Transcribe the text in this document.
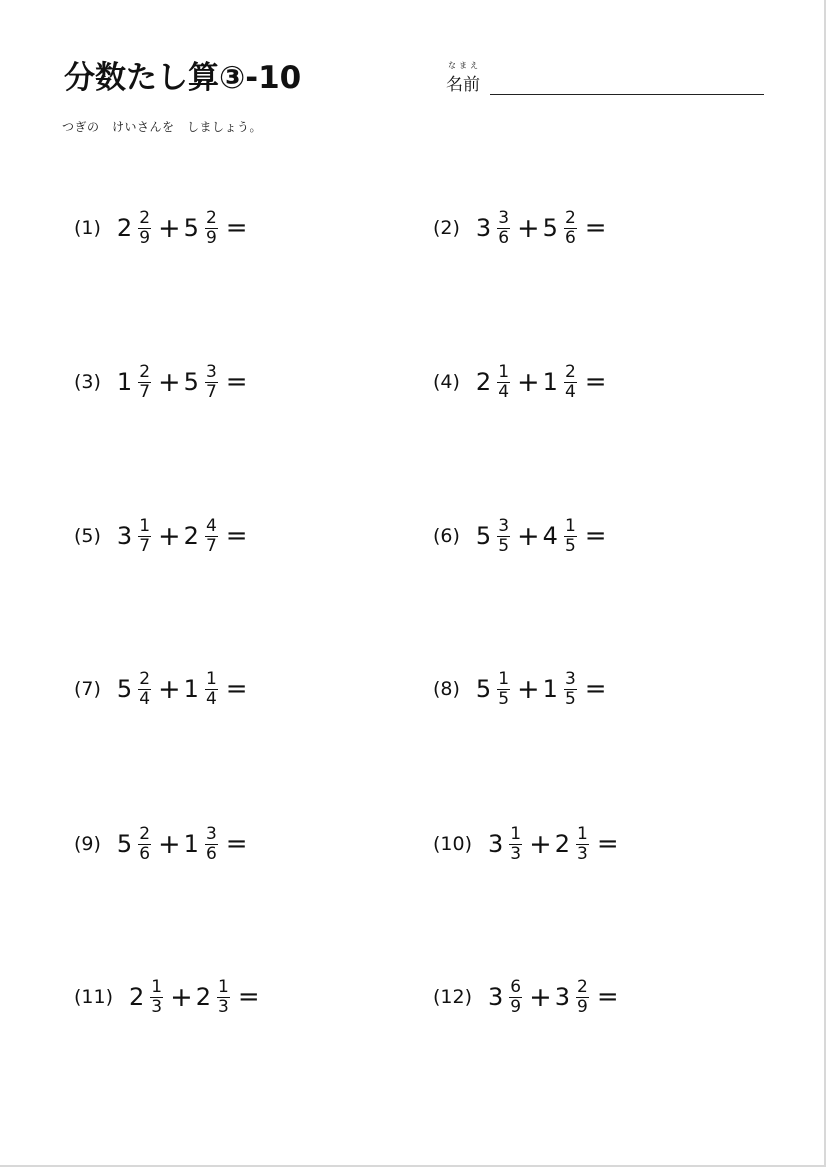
分数たし算③-10	なまえ
名前
つぎの　けいさんを　しましょう。
(1) $2 \frac{2}{9} + 5 \frac{2}{9}$ =	(2) $3 \frac{3}{6} + 5 \frac{2}{6}$ =
(3) $1 \frac{2}{7} + 5 \frac{3}{7}$ =	(4) $2 \frac{1}{4} + 1 \frac{2}{4}$ =
(5) $3 \frac{1}{7} + 2 \frac{4}{7}$ =	(6) $5 \frac{3}{5} + 4 \frac{1}{5}$ =
(7) $5 \frac{2}{4} + 1 \frac{1}{4}$ =	(8) $5 \frac{1}{5} + 1 \frac{3}{5}$ =
(9) $5 \frac{2}{6} + 1 \frac{3}{6}$ =	(10) $3 \frac{1}{3} + 2 \frac{1}{3}$ =
(11) $2 \frac{1}{3} + 2 \frac{1}{3}$ =	(12) $3 \frac{6}{9} + 3 \frac{2}{9}$ =
